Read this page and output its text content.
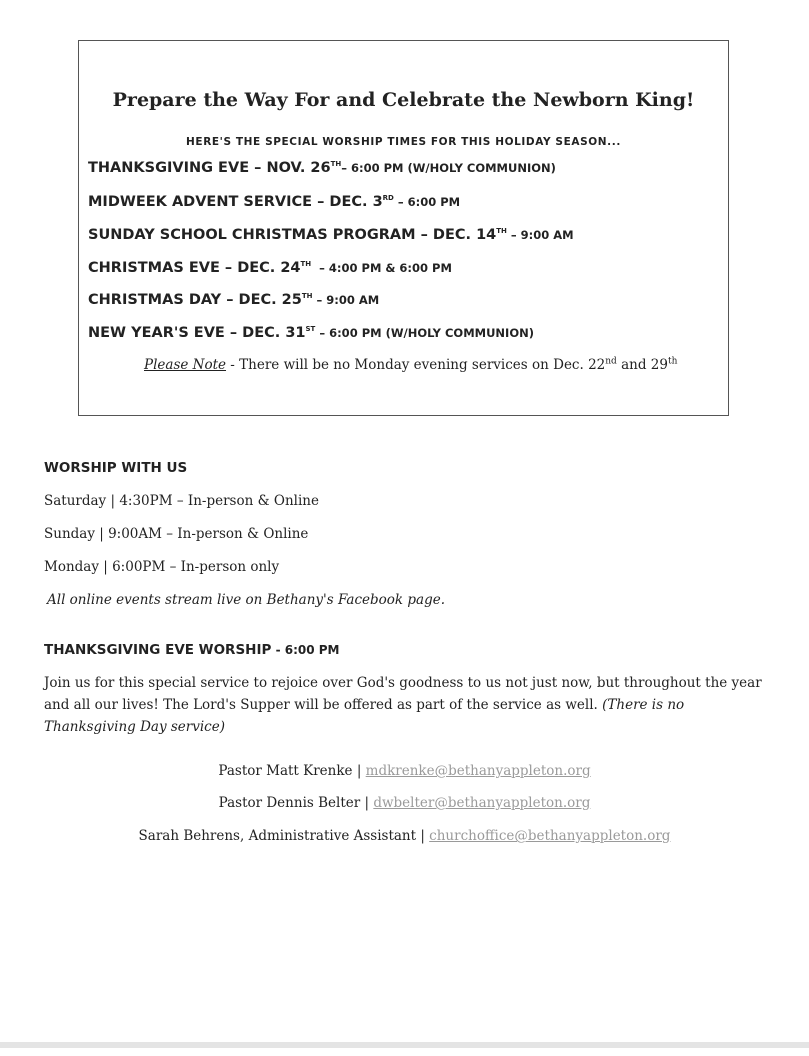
Prepare the Way For and Celebrate the Newborn King!

HERE'S THE SPECIAL WORSHIP TIMES FOR THIS HOLIDAY SEASON...

THANKSGIVING EVE – NOV. 26TH– 6:00 PM (W/HOLY COMMUNION)
MIDWEEK ADVENT SERVICE – DEC. 3RD – 6:00 PM
SUNDAY SCHOOL CHRISTMAS PROGRAM – DEC. 14TH – 9:00 AM
CHRISTMAS EVE – DEC. 24TH  – 4:00 PM & 6:00 PM
CHRISTMAS DAY – DEC. 25TH – 9:00 AM
NEW YEAR'S EVE – DEC. 31ST – 6:00 PM (W/HOLY COMMUNION)
Please Note - There will be no Monday evening services on Dec. 22nd and 29th
WORSHIP WITH US
Saturday | 4:30PM – In-person & Online
Sunday | 9:00AM – In-person & Online
Monday | 6:00PM – In-person only
All online events stream live on Bethany's Facebook page.
THANKSGIVING EVE WORSHIP - 6:00 PM

Join us for this special service to rejoice over God's goodness to us not just now, but throughout the year and all our lives! The Lord's Supper will be offered as part of the service as well. (There is no Thanksgiving Day service)

Pastor Matt Krenke | mdkrenke@bethanyappleton.org
Pastor Dennis Belter | dwbelter@bethanyappleton.org
Sarah Behrens, Administrative Assistant | churchoffice@bethanyappleton.org
